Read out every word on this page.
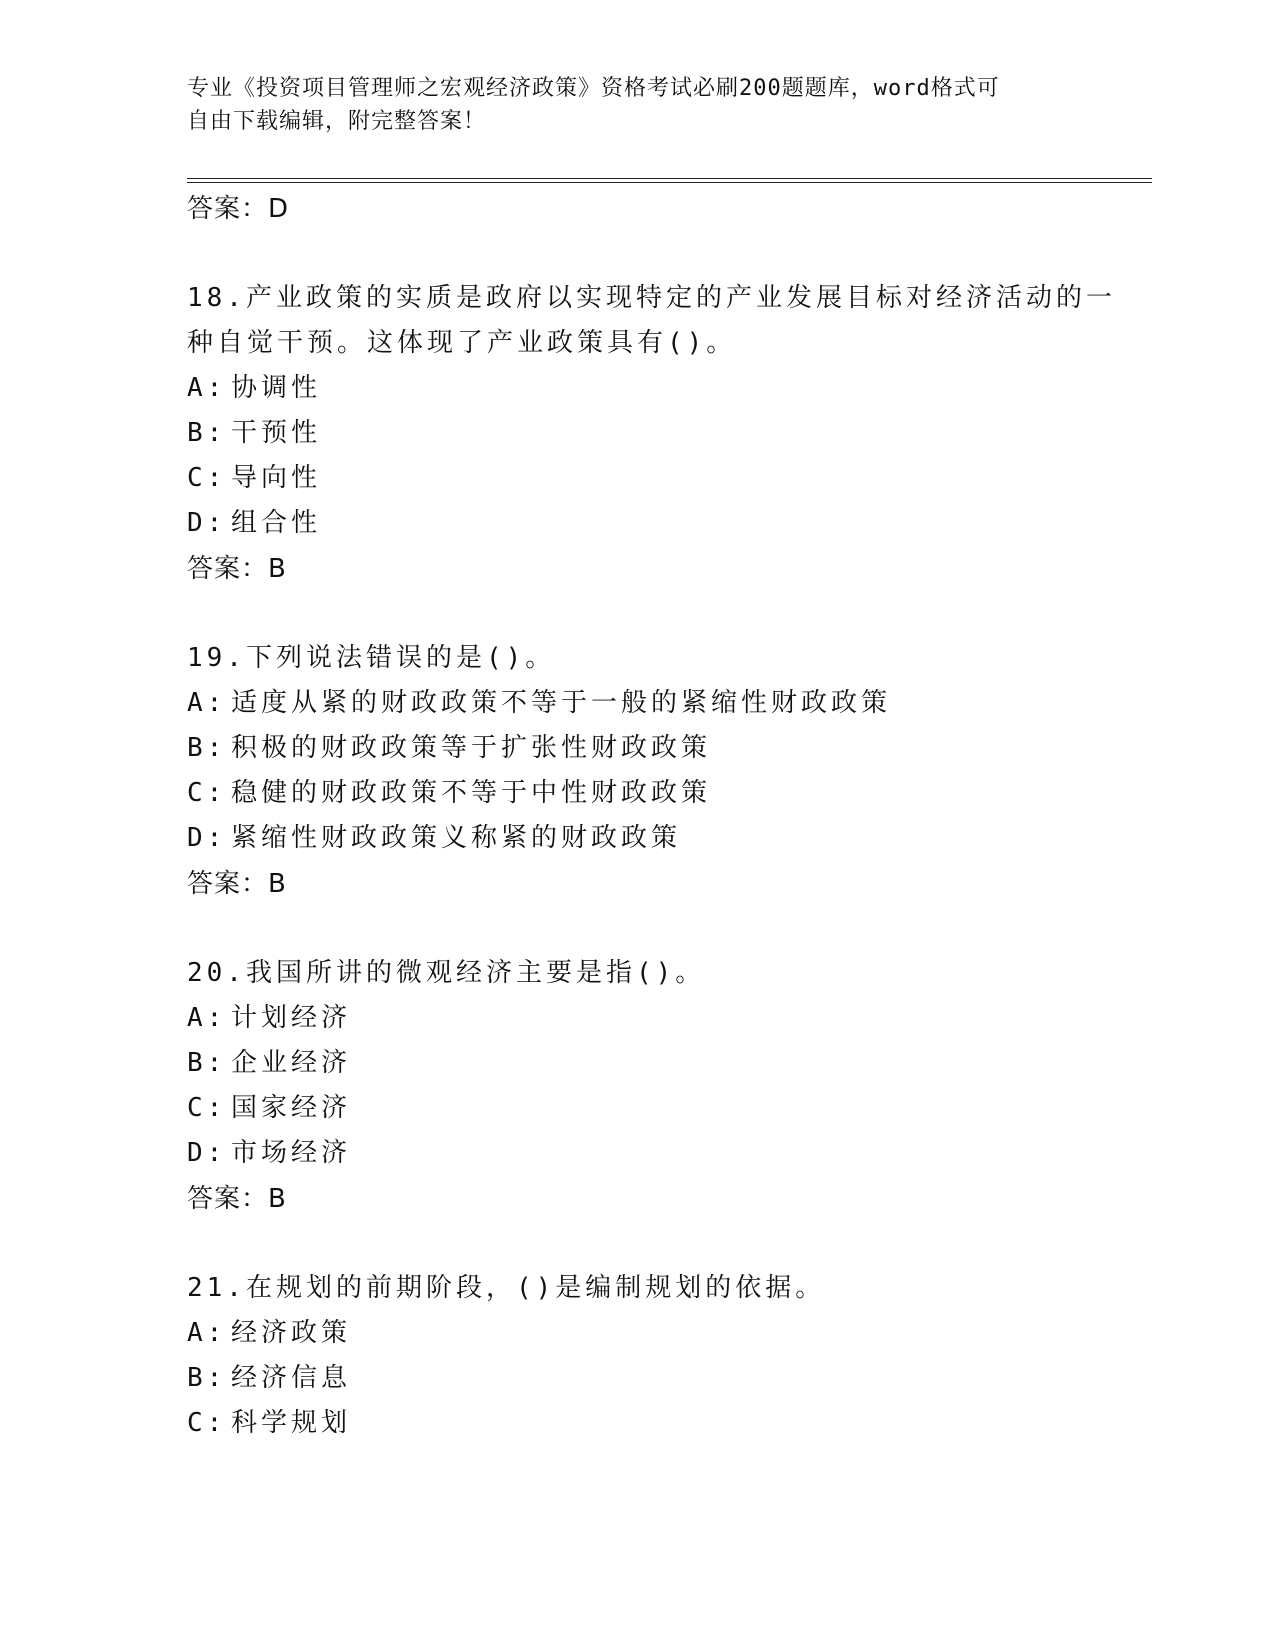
专业《投资项目管理师之宏观经济政策》资格考试必刷200题题库，word格式可
自由下载编辑，附完整答案！
答案：D
18.产业政策的实质是政府以实现特定的产业发展目标对经济活动的一
种自觉干预。这体现了产业政策具有()。
A: 协调性
B: 干预性
C: 导向性
D: 组合性
答案：B
19.下列说法错误的是()。
A: 适度从紧的财政政策不等于一般的紧缩性财政政策
B: 积极的财政政策等于扩张性财政政策
C: 稳健的财政政策不等于中性财政政策
D: 紧缩性财政政策义称紧的财政政策
答案：B
20.我国所讲的微观经济主要是指()。
A: 计划经济
B: 企业经济
C: 国家经济
D: 市场经济
答案：B
21.在规划的前期阶段，()是编制规划的依据。
A: 经济政策
B: 经济信息
C: 科学规划
